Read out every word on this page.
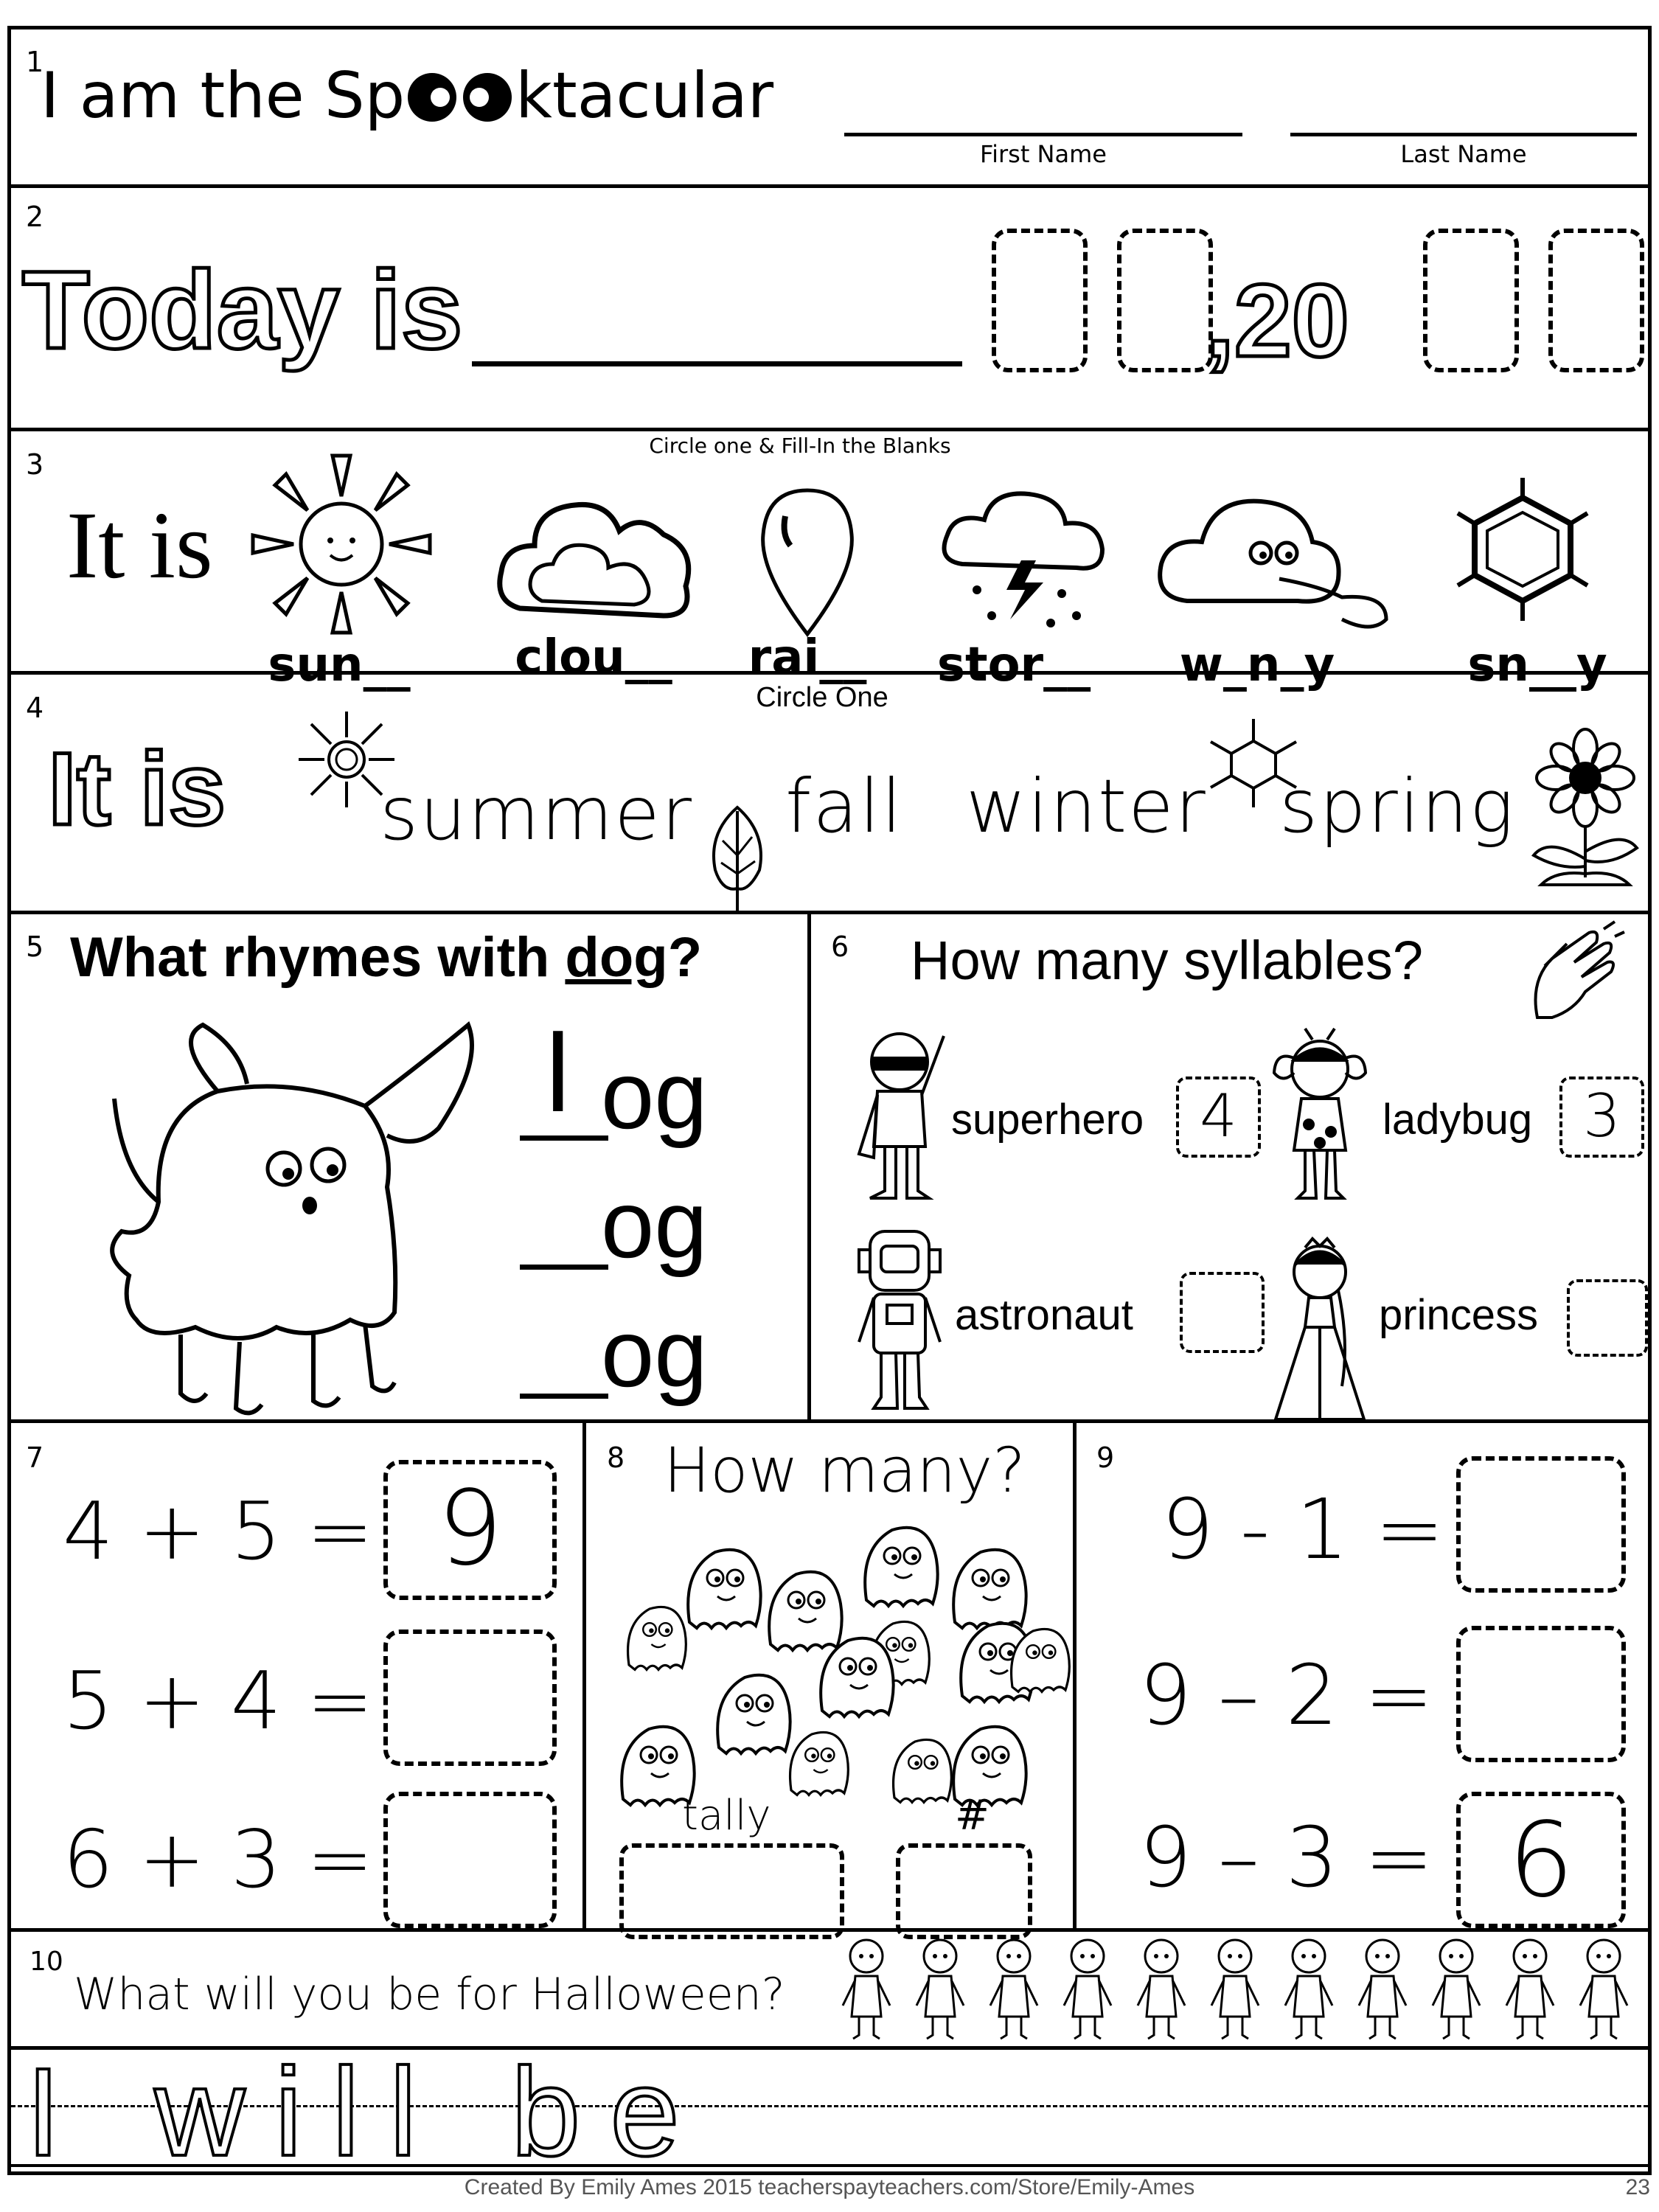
1
I am the Sp ktacular
First Name	Last Name
2
Today is	,20
3
Circle one & Fill-In the Blanks
It is
sun__	clou__	rai__	stor__	w_n_y	sn__y
4	Circle One
It is summer fall winter spring
5 What rhymes with dog?
l og
og
og
6 How many syllables?
superhero 4	ladybug 3
astronaut	princess
7
4 + 5 = 9
5 + 4 =
6 + 3 =
8 How many?
tally	#
9
9 - 1 =
9 – 2 =
9 – 3 = 6
10
What will you be for Halloween?
I will be
Created By Emily Ames 2015 teacherspayteachers.com/Store/Emily-Ames	23
